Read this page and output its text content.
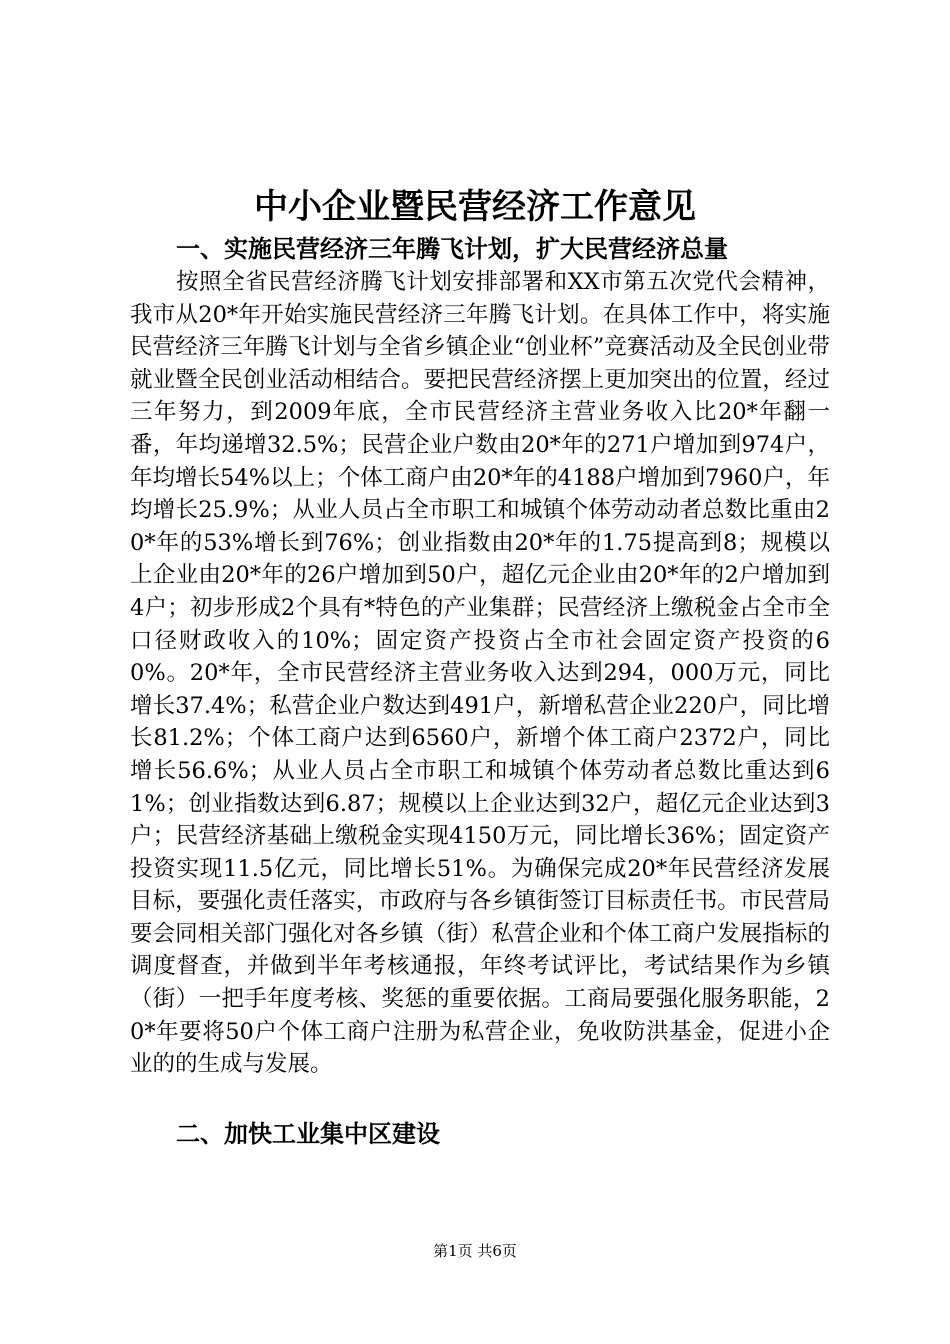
中小企业暨民营经济工作意见
一、实施民营经济三年腾飞计划，扩大民营经济总量

按照全省民营经济腾飞计划安排部署和XX市第五次党代会精神，我市从20*年开始实施民营经济三年腾飞计划。在具体工作中，将实施民营经济三年腾飞计划与全省乡镇企业“创业杯”竞赛活动及全民创业带就业暨全民创业活动相结合。要把民营经济摆上更加突出的位置，经过三年努力，到2009年底，全市民营经济主营业务收入比20*年翻一番，年均递增32.5%；民营企业户数由20*年的271户增加到974户，年均增长54%以上；个体工商户由20*年的4188户增加到7960户，年均增长25.9%；从业人员占全市职工和城镇个体劳动动者总数比重由20*年的53%增长到76%；创业指数由20*年的1.75提高到8；规模以上企业由20*年的26户增加到50户，超亿元企业由20*年的2户增加到4户；初步形成2个具有*特色的产业集群；民营经济上缴税金占全市全口径财政收入的10%；固定资产投资占全市社会固定资产投资的60%。20*年，全市民营经济主营业务收入达到294，000万元，同比增长37.4%；私营企业户数达到491户，新增私营企业220户，同比增长81.2%；个体工商户达到6560户，新增个体工商户2372户，同比增长56.6%；从业人员占全市职工和城镇个体劳动者总数比重达到61%；创业指数达到6.87；规模以上企业达到32户，超亿元企业达到3户；民营经济基础上缴税金实现4150万元，同比增长36%；固定资产投资实现11.5亿元，同比增长51%。为确保完成20*年民营经济发展目标，要强化责任落实，市政府与各乡镇街签订目标责任书。市民营局要会同相关部门强化对各乡镇（街）私营企业和个体工商户发展指标的调度督查，并做到半年考核通报，年终考试评比，考试结果作为乡镇（街）一把手年度考核、奖惩的重要依据。工商局要强化服务职能，20*年要将50户个体工商户注册为私营企业，免收防洪基金，促进小企业的的生成与发展。

二、加快工业集中区建设

第1页 共6页
